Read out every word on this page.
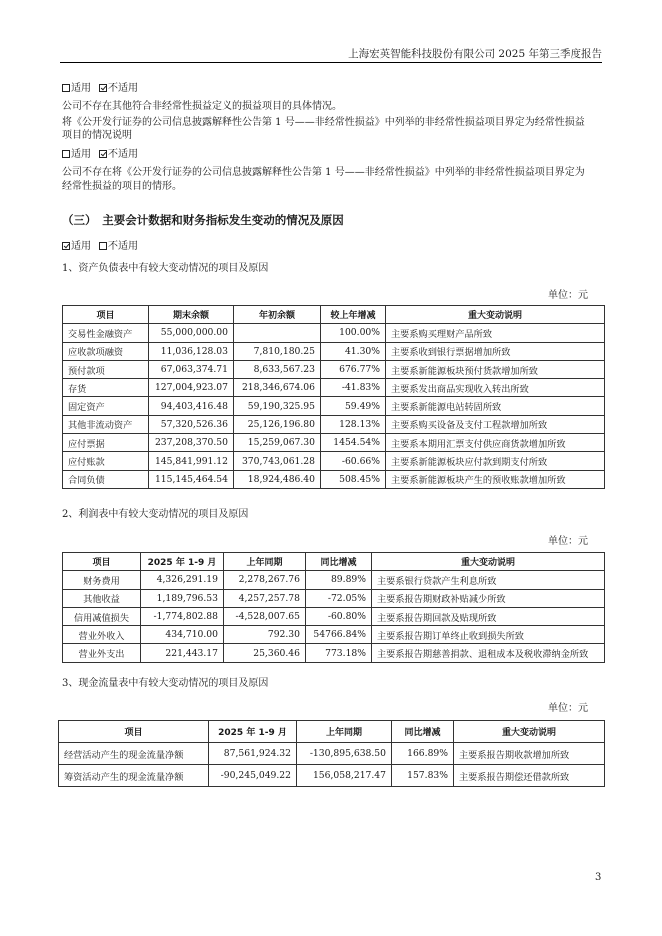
上海宏英智能科技股份有限公司 2025 年第三季度报告
适用 不适用
公司不存在其他符合非经常性损益定义的损益项目的具体情况。
将《公开发行证券的公司信息披露解释性公告第 1 号——非经常性损益》中列举的非经常性损益项目界定为经常性损益
项目的情况说明
适用 不适用
公司不存在将《公开发行证券的公司信息披露解释性公告第 1 号——非经常性损益》中列举的非经常性损益项目界定为
经常性损益的项目的情形。
（三）　主要会计数据和财务指标发生变动的情况及原因
适用 不适用
1、资产负债表中有较大变动情况的项目及原因
单位：元
项目	期末余额	年初余额	较上年增减	重大变动说明
交易性金融资产	55,000,000.00		100.00%	主要系购买理财产品所致
应收款项融资	11,036,128.03	7,810,180.25	41.30%	主要系收到银行票据增加所致
预付款项	67,063,374.71	8,633,567.23	676.77%	主要系新能源板块预付货款增加所致
存货	127,004,923.07	218,346,674.06	-41.83%	主要系发出商品实现收入转出所致
固定资产	94,403,416.48	59,190,325.95	59.49%	主要系新能源电站转固所致
其他非流动资产	57,320,526.36	25,126,196.80	128.13%	主要系购买设备及支付工程款增加所致
应付票据	237,208,370.50	15,259,067.30	1454.54%	主要系本期用汇票支付供应商货款增加所致
应付账款	145,841,991.12	370,743,061.28	-60.66%	主要系新能源板块应付款到期支付所致
合同负债	115,145,464.54	18,924,486.40	508.45%	主要系新能源板块产生的预收账款增加所致
2、利润表中有较大变动情况的项目及原因
单位：元
项目	2025 年 1-9 月	上年同期	同比增减	重大变动说明
财务费用	4,326,291.19	2,278,267.76	89.89%	主要系银行贷款产生利息所致
其他收益	1,189,796.53	4,257,257.78	-72.05%	主要系报告期财政补贴减少所致
信用减值损失	-1,774,802.88	-4,528,007.65	-60.80%	主要系报告期回款及贴现所致
营业外收入	434,710.00	792.30	54766.84%	主要系报告期订单终止收到损失所致
营业外支出	221,443.17	25,360.46	773.18%	主要系报告期慈善捐款、退租成本及税收滞纳金所致
3、现金流量表中有较大变动情况的项目及原因
单位：元
项目	2025 年 1-9 月	上年同期	同比增减	重大变动说明
经营活动产生的现金流量净额	87,561,924.32	-130,895,638.50	166.89%	主要系报告期收款增加所致
筹资活动产生的现金流量净额	-90,245,049.22	156,058,217.47	157.83%	主要系报告期偿还借款所致
3
